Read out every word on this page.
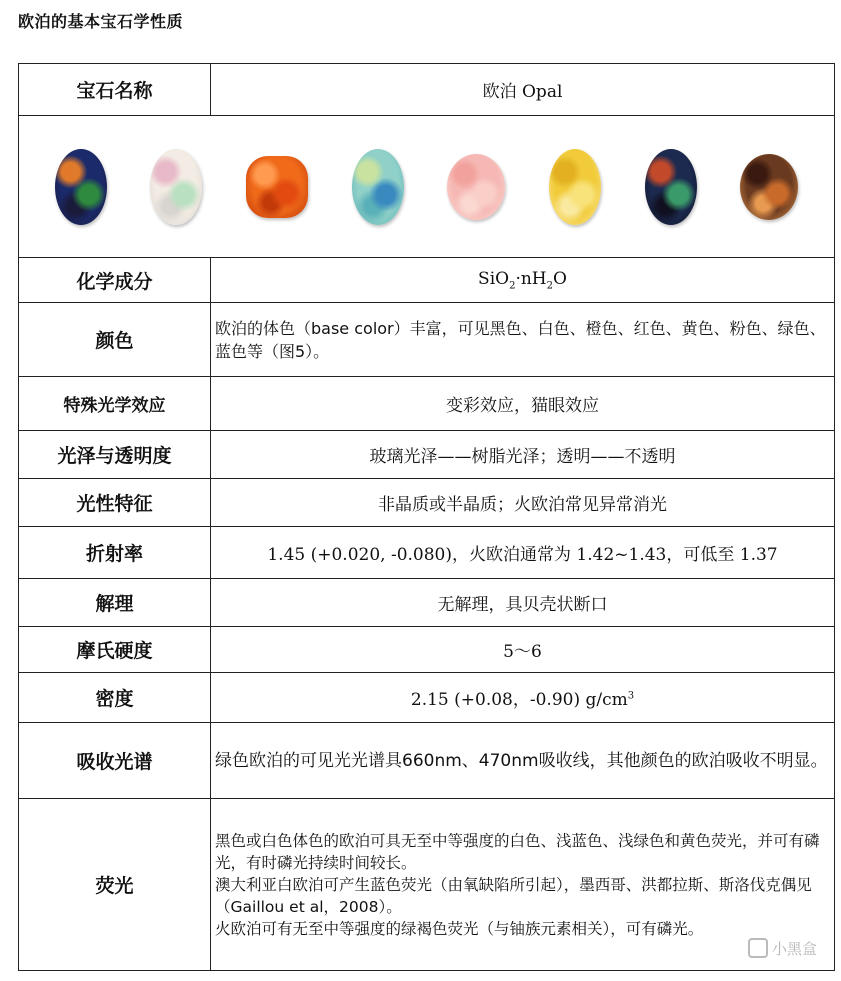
欧泊的基本宝石学性质
宝石名称	欧泊 Opal

化学成分	$SiO_2\cdot nH_2O$
颜色	欧泊的体色（base color）丰富，可见黑色、白色、橙色、红色、黄色、粉色、绿色、蓝色等（图5）。
特殊光学效应	变彩效应，猫眼效应
光泽与透明度	玻璃光泽——树脂光泽；透明——不透明
光性特征	非晶质或半晶质；火欧泊常见异常消光
折射率	1.45 (+0.020, -0.080)，火欧泊通常为 1.42~1.43，可低至 1.37
解理	无解理，具贝壳状断口
摩氏硬度	5～6
密度	2.15 (+0.08，-0.90) $g/cm^3$
吸收光谱	绿色欧泊的可见光光谱具660nm、470nm吸收线，其他颜色的欧泊吸收不明显。
荧光	黑色或白色体色的欧泊可具无至中等强度的白色、浅蓝色、浅绿色和黄色荧光，并可有磷光，有时磷光持续时间较长。
澳大利亚白欧泊可产生蓝色荧光（由氧缺陷所引起），墨西哥、洪都拉斯、斯洛伐克偶见（Gaillou et al，2008）。
火欧泊可有无至中等强度的绿褐色荧光（与铀族元素相关），可有磷光。
小黑盒
